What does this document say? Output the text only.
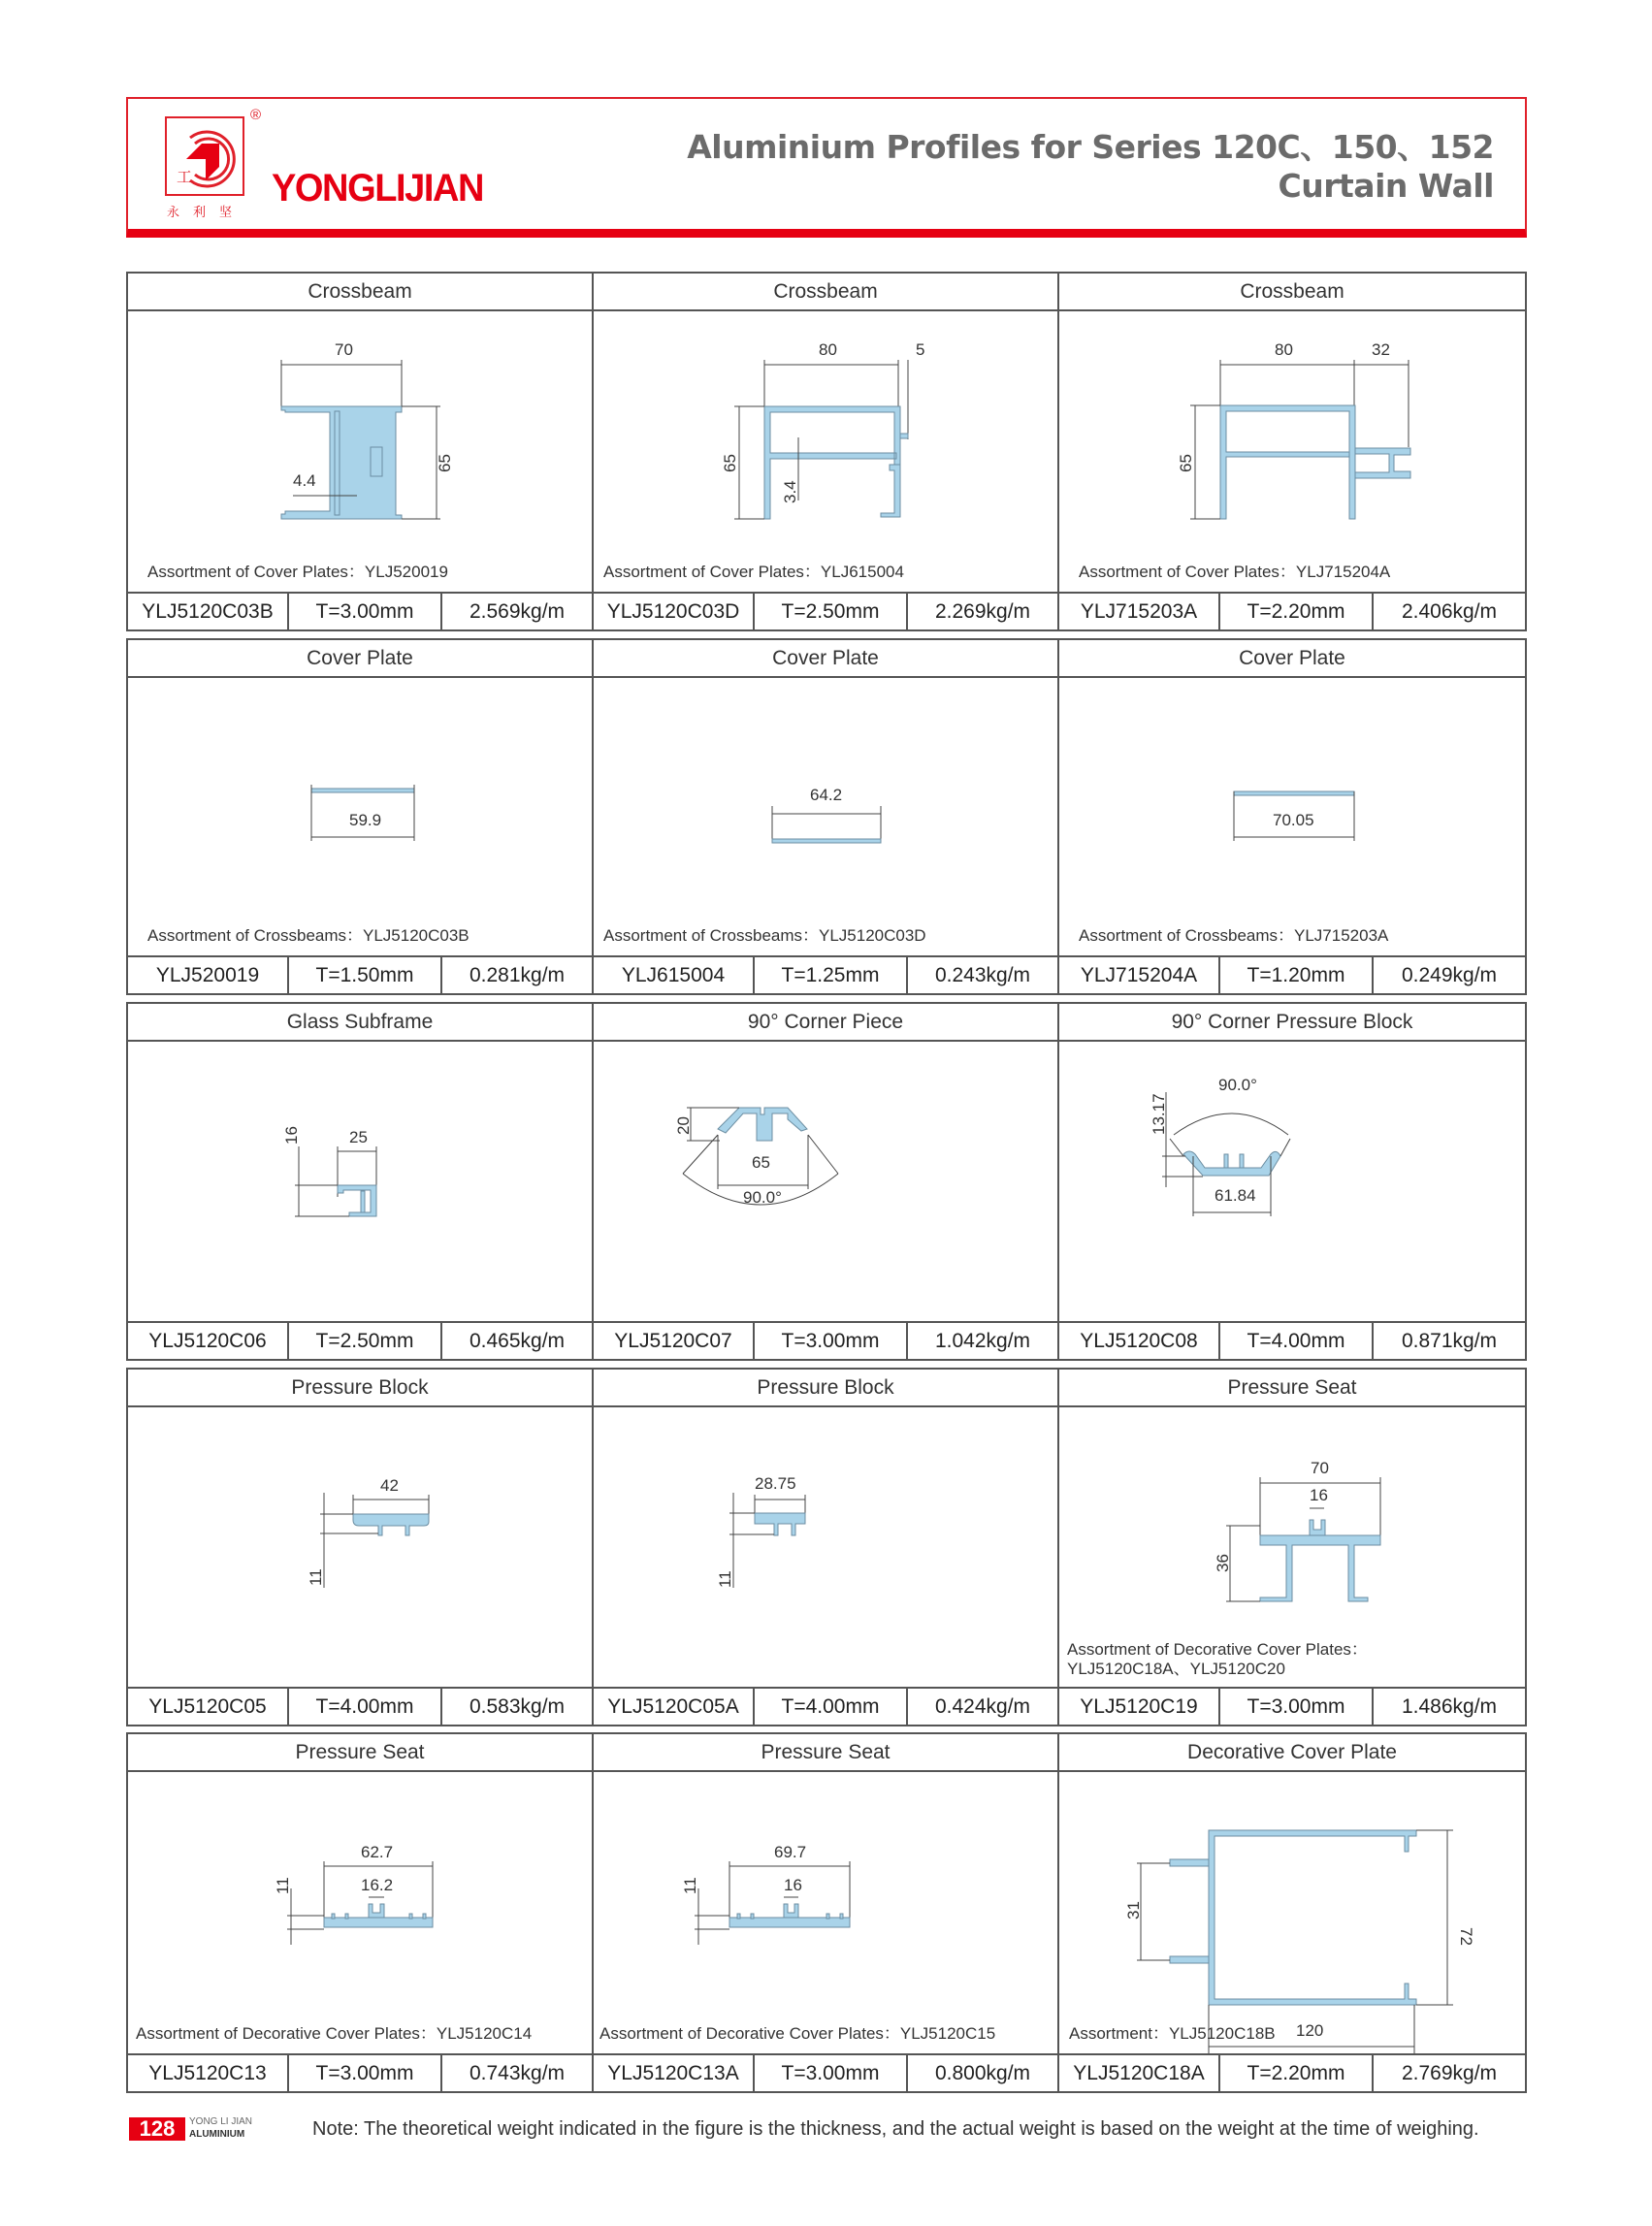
工
®
永利坚
YONGLIJIAN
Aluminium Profiles for Series 120C、150、152
Curtain Wall
Crossbeam
70
65
4.4
Assortment of Cover Plates：YLJ520019
YLJ5120C03B	T=3.00mm	2.569kg/m
Crossbeam
80	5
65
3.4
Assortment of Cover Plates：YLJ615004
YLJ5120C03D	T=2.50mm	2.269kg/m
Crossbeam
80	32
65
Assortment of Cover Plates：YLJ715204A
YLJ715203A	T=2.20mm	2.406kg/m
Cover Plate
59.9
Assortment of Crossbeams：YLJ5120C03B
YLJ520019	T=1.50mm	0.281kg/m
Cover Plate
64.2
Assortment of Crossbeams：YLJ5120C03D
YLJ615004	T=1.25mm	0.243kg/m
Cover Plate
70.05
Assortment of Crossbeams：YLJ715203A
YLJ715204A	T=1.20mm	0.249kg/m
Glass Subframe
25
16
YLJ5120C06	T=2.50mm	0.465kg/m
90° Corner Piece
20
65
90.0°
YLJ5120C07	T=3.00mm	1.042kg/m
90° Corner Pressure Block
13.17
90.0°
61.84
YLJ5120C08	T=4.00mm	0.871kg/m
Pressure Block
42
11
YLJ5120C05	T=4.00mm	0.583kg/m
Pressure Block
28.75
11
YLJ5120C05A	T=4.00mm	0.424kg/m
Pressure Seat
70
16
36
Assortment of Decorative Cover Plates：
YLJ5120C18A、YLJ5120C20
YLJ5120C19	T=3.00mm	1.486kg/m
Pressure Seat
62.7
16.2
11
Assortment of Decorative Cover Plates：YLJ5120C14
YLJ5120C13	T=3.00mm	0.743kg/m
Pressure Seat
69.7
16
11
Assortment of Decorative Cover Plates：YLJ5120C15
YLJ5120C13A	T=3.00mm	0.800kg/m
Decorative Cover Plate
31
72
120
Assortment：YLJ5120C18B
YLJ5120C18A	T=2.20mm	2.769kg/m
128	YONG LI JIAN
ALUMINIUM	Note: The theoretical weight indicated in the figure is the thickness, and the actual weight is based on the weight at the time of weighing.
